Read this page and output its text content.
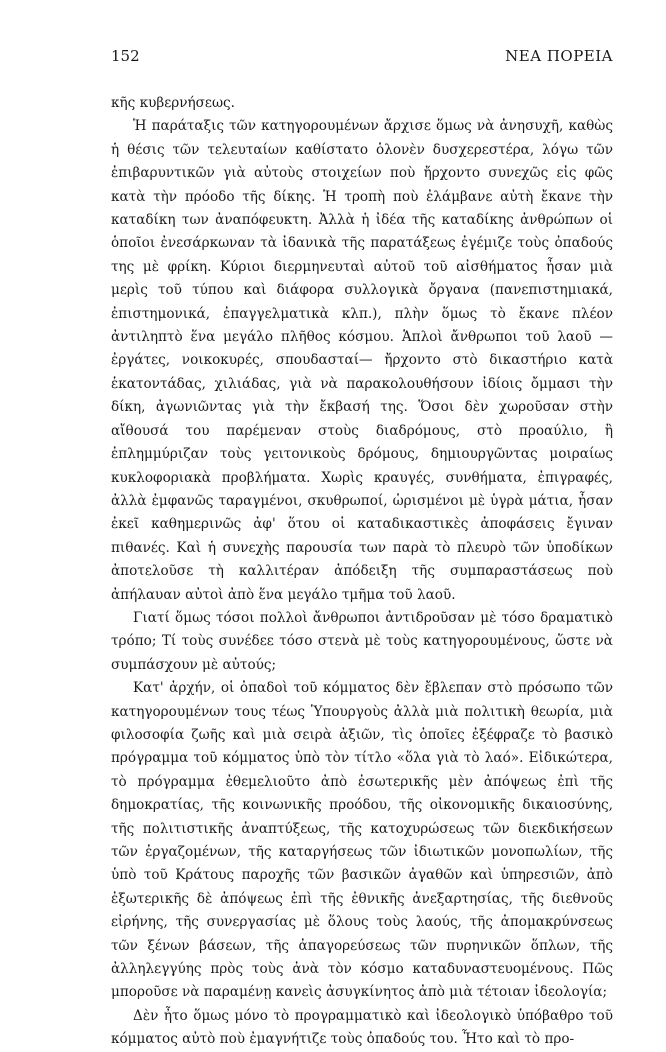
152	ΝΕΑ ΠΟΡΕΙΑ

κῆς κυβερνήσεως.

Ἡ παράταξις τῶν κατηγορουμένων ἄρχισε ὅμως νὰ ἀνησυχῆ, καθὼς ἡ θέσις τῶν τελευταίων καθίστατο ὁλονὲν δυσχερεστέρα, λόγω τῶν ἐπιβαρυντικῶν γιὰ αὐτοὺς στοιχείων ποὺ ἤρχοντο συνεχῶς εἰς φῶς κατὰ τὴν πρόοδο τῆς δίκης. Ἡ τροπὴ ποὺ ἐλάμβανε αὐτὴ ἔκανε τὴν καταδίκη των ἀναπόφευκτη. Ἀλλὰ ἡ ἰδέα τῆς καταδίκης ἀνθρώπων οἱ ὁποῖοι ἐνεσάρκωναν τὰ ἰδανικὰ τῆς παρατάξεως ἐγέμιζε τοὺς ὀπαδούς της μὲ φρίκη. Κύριοι διερμηνευταὶ αὐτοῦ τοῦ αἰσθήματος ἦσαν μιὰ μερὶς τοῦ τύπου καὶ διάφορα συλλογικὰ ὄργανα (πανεπιστημιακά, ἐπιστημονικά, ἐπαγγελματικὰ κλπ.), πλὴν ὅμως τὸ ἔκανε πλέον ἀντιληπτὸ ἕνα μεγάλο πλῆθος κόσμου. Ἁπλοὶ ἄνθρωποι τοῦ λαοῦ —ἐργάτες, νοικοκυρές, σπουδασταί— ἤρχοντο στὸ δικαστήριο κατὰ ἑκατοντάδας, χιλιάδας, γιὰ νὰ παρακολουθήσουν ἰδίοις ὄμμασι τὴν δίκη, ἀγωνιῶντας γιὰ τὴν ἔκβασή της. Ὅσοι δὲν χωροῦσαν στὴν αἴθουσά του παρέμεναν στοὺς διαδρόμους, στὸ προαύλιο, ἢ ἐπλημμύριζαν τοὺς γειτονικοὺς δρόμους, δημιουργῶντας μοιραίως κυκλοφοριακὰ προβλήματα. Χωρὶς κραυγές, συνθήματα, ἐπιγραφές, ἀλλὰ ἐμφανῶς ταραγμένοι, σκυθρωποί, ὡρισμένοι μὲ ὑγρὰ μάτια, ἦσαν ἐκεῖ καθημερινῶς ἀφ' ὅτου οἱ καταδικαστικὲς ἀποφάσεις ἔγιναν πιθανές. Καὶ ἡ συνεχὴς παρουσία των παρὰ τὸ πλευρὸ τῶν ὑποδίκων ἀποτελοῦσε τὴ καλλιτέραν ἀπόδειξη τῆς συμπαραστάσεως ποὺ ἀπήλαυαν αὐτοὶ ἀπὸ ἕνα μεγάλο τμῆμα τοῦ λαοῦ.

Γιατί ὅμως τόσοι πολλοὶ ἄνθρωποι ἀντιδροῦσαν μὲ τόσο δραματικὸ τρόπο; Τί τοὺς συνέδεε τόσο στενὰ μὲ τοὺς κατηγορουμένους, ὥστε νὰ συμπάσχουν μὲ αὐτούς;

Κατ' ἀρχήν, οἱ ὀπαδοὶ τοῦ κόμματος δὲν ἔβλεπαν στὸ πρόσωπο τῶν κατηγορουμένων τους τέως Ὑπουργοὺς ἀλλὰ μιὰ πολιτικὴ θεωρία, μιὰ φιλοσοφία ζωῆς καὶ μιὰ σειρὰ ἀξιῶν, τὶς ὁποῖες ἐξέφραζε τὸ βασικὸ πρόγραμμα τοῦ κόμματος ὑπὸ τὸν τίτλο «ὅλα γιὰ τὸ λαό». Εἰδικώτερα, τὸ πρόγραμμα ἐθεμελιοῦτο ἀπὸ ἐσωτερικῆς μὲν ἀπόψεως ἐπὶ τῆς δημοκρατίας, τῆς κοινωνικῆς προόδου, τῆς οἰκονομικῆς δικαιοσύνης, τῆς πολιτιστικῆς ἀναπτύξεως, τῆς κατοχυρώσεως τῶν διεκδικήσεων τῶν ἐργαζομένων, τῆς καταργήσεως τῶν ἰδιωτικῶν μονοπωλίων, τῆς ὑπὸ τοῦ Κράτους παροχῆς τῶν βασικῶν ἀγαθῶν καὶ ὑπηρεσιῶν, ἀπὸ ἐξωτερικῆς δὲ ἀπόψεως ἐπὶ τῆς ἐθνικῆς ἀνεξαρτησίας, τῆς διεθνοῦς εἰρήνης, τῆς συνεργασίας μὲ ὅλους τοὺς λαούς, τῆς ἀπομακρύνσεως τῶν ξένων βάσεων, τῆς ἀπαγορεύσεως τῶν πυρηνικῶν ὅπλων, τῆς ἀλληλεγγύης πρὸς τοὺς ἀνὰ τὸν κόσμο καταδυναστευομένους. Πῶς μποροῦσε νὰ παραμένῃ κανεὶς ἀσυγκίνητος ἀπὸ μιὰ τέτοιαν ἰδεολογία;

Δὲν ἦτο ὅμως μόνο τὸ προγραμματικὸ καὶ ἰδεολογικὸ ὑπόβαθρο τοῦ κόμματος αὐτὸ ποὺ ἐμαγνήτιζε τοὺς ὀπαδούς του. Ἦτο καὶ τὸ προ-
